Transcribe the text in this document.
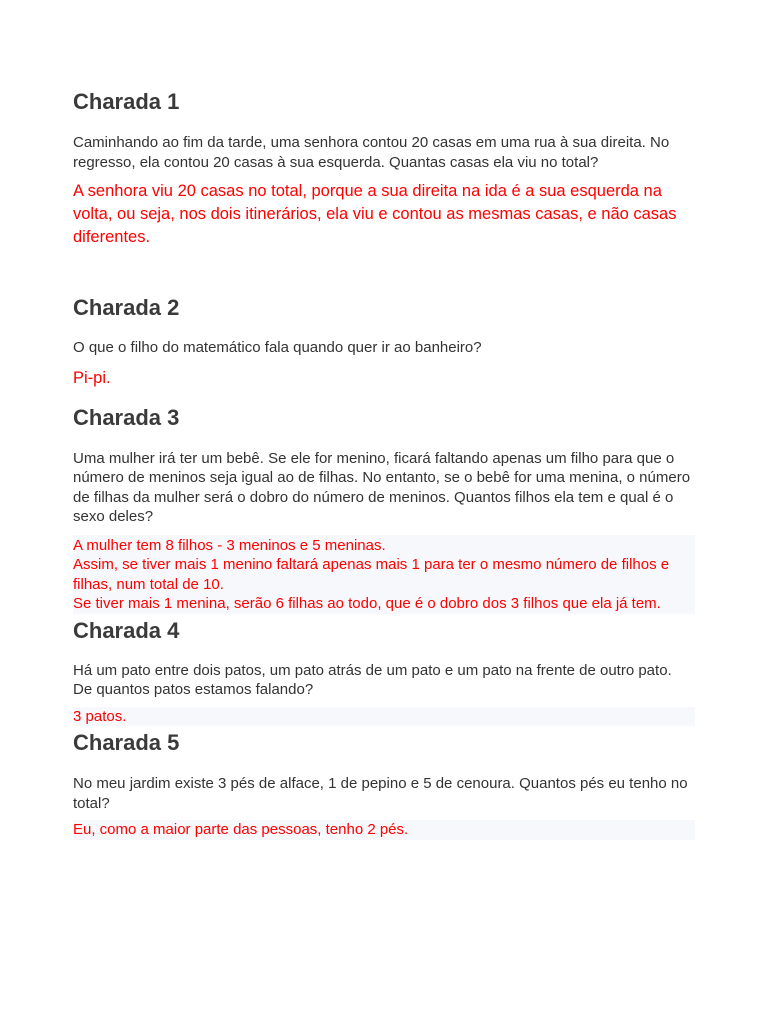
Charada 1

Caminhando ao fim da tarde, uma senhora contou 20 casas em uma rua à sua direita. No regresso, ela contou 20 casas à sua esquerda. Quantas casas ela viu no total?

A senhora viu 20 casas no total, porque a sua direita na ida é a sua esquerda na volta, ou seja, nos dois itinerários, ela viu e contou as mesmas casas, e não casas diferentes.

Charada 2

O que o filho do matemático fala quando quer ir ao banheiro?

Pi-pi.

Charada 3

Uma mulher irá ter um bebê. Se ele for menino, ficará faltando apenas um filho para que o número de meninos seja igual ao de filhas. No entanto, se o bebê for uma menina, o número de filhas da mulher será o dobro do número de meninos. Quantos filhos ela tem e qual é o sexo deles?

A mulher tem 8 filhos - 3 meninos e 5 meninas.
Assim, se tiver mais 1 menino faltará apenas mais 1 para ter o mesmo número de filhos e filhas, num total de 10.
Se tiver mais 1 menina, serão 6 filhas ao todo, que é o dobro dos 3 filhos que ela já tem.

Charada 4

Há um pato entre dois patos, um pato atrás de um pato e um pato na frente de outro pato. De quantos patos estamos falando?

3 patos.

Charada 5

No meu jardim existe 3 pés de alface, 1 de pepino e 5 de cenoura. Quantos pés eu tenho no total?

Eu, como a maior parte das pessoas, tenho 2 pés.
